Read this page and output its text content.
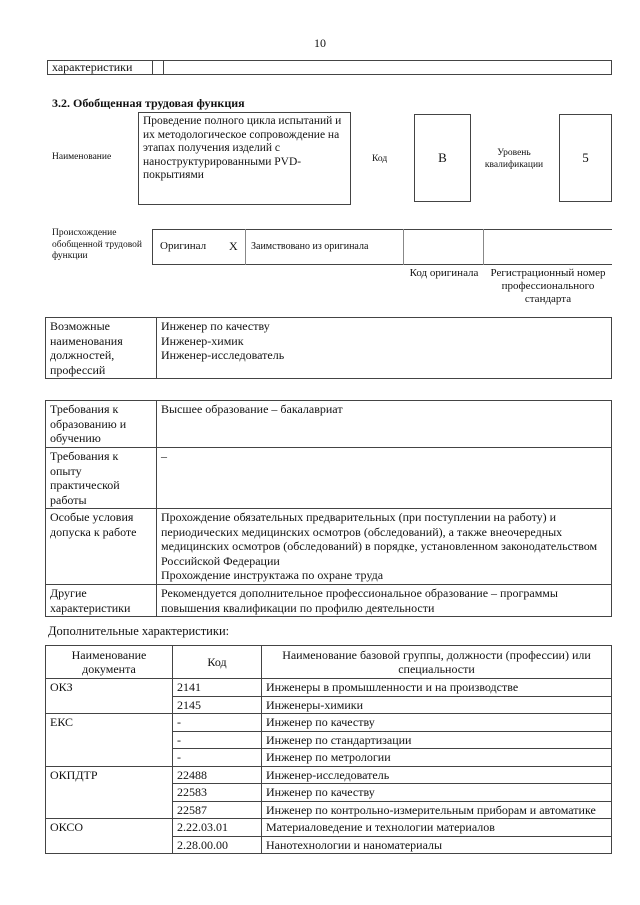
10
характеристики
3.2. Обобщенная трудовая функция
Наименование
Проведение полного цикла испытаний и их методологическое сопровождение на этапах получения изделий с наноструктурированными PVD-покрытиями
Код	B	Уровень квалификации	5
Происхождение обобщенной трудовой функции
Оригинал X Заимствовано из оригинала
Код оригинала	Регистрационный номер профессионального стандарта
Возможные наименования должностей, профессий	
Инженер по качеству
Инженер-химик
Инженер-исследователь
Требования к образованию и обучению	Высшее образование – бакалавриат
Требования к опыту практической работы	–
Особые условия допуска к работе	Прохождение обязательных предварительных (при поступлении на работу) и периодических медицинских осмотров (обследований), а также внеочередных медицинских осмотров (обследований) в порядке, установленном законодательством Российской Федерации
Прохождение инструктажа по охране труда

Другие характеристики	Рекомендуется дополнительное профессиональное образование – программы повышения квалификации по профилю деятельности
Дополнительные характеристики:
Наименование документа	Код	Наименование базовой группы, должности (профессии) или специальности
ОКЗ	2141	Инженеры в промышленности и на производстве
	2145	Инженеры-химики
ЕКС	-	Инженер по качеству
	-	Инженер по стандартизации
	-	Инженер по метрологии
ОКПДТР	22488	Инженер-исследователь
	22583	Инженер по качеству
	22587	Инженер по контрольно-измерительным приборам и автоматике
ОКСО	2.22.03.01	Материаловедение и технологии материалов
	2.28.00.00	Нанотехнологии и наноматериалы
